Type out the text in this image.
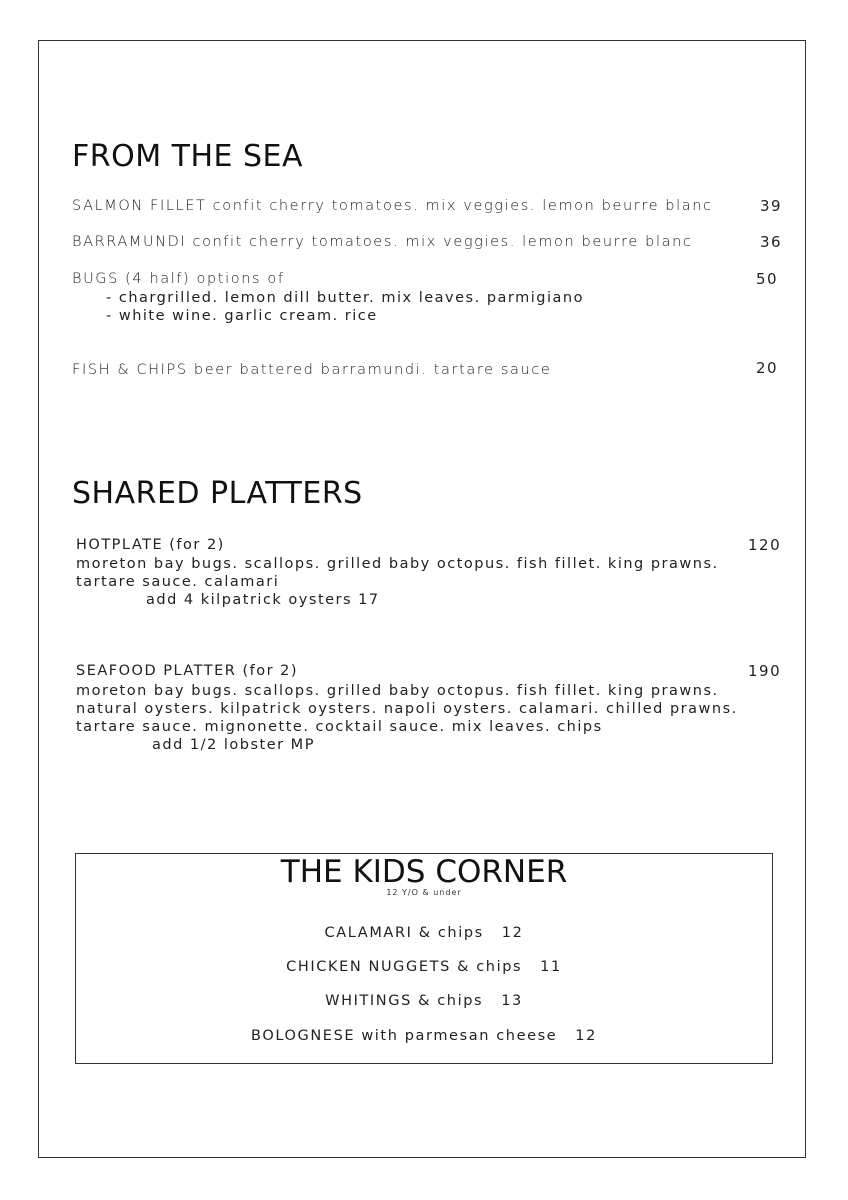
FROM THE SEA
SALMON FILLET confit cherry tomatoes. mix veggies. lemon beurre blanc	39
BARRAMUNDI confit cherry tomatoes. mix veggies. lemon beurre blanc	36
BUGS (4 half) options of	50
- chargrilled. lemon dill butter. mix leaves. parmigiano
- white wine. garlic cream. rice
FISH & CHIPS beer battered barramundi. tartare sauce	20
SHARED PLATTERS
HOTPLATE (for 2)	120
moreton bay bugs. scallops. grilled baby octopus. fish fillet. king prawns.
tartare sauce. calamari
add 4 kilpatrick oysters 17
SEAFOOD PLATTER (for 2)	190
moreton bay bugs. scallops. grilled baby octopus. fish fillet. king prawns.
natural oysters. kilpatrick oysters. napoli oysters. calamari. chilled prawns.
tartare sauce. mignonette. cocktail sauce. mix leaves. chips
add 1/2 lobster MP
THE KIDS CORNER
12 Y/O & under
CALAMARI & chips 12
CHICKEN NUGGETS & chips 11
WHITINGS & chips 13
BOLOGNESE with parmesan cheese 12
